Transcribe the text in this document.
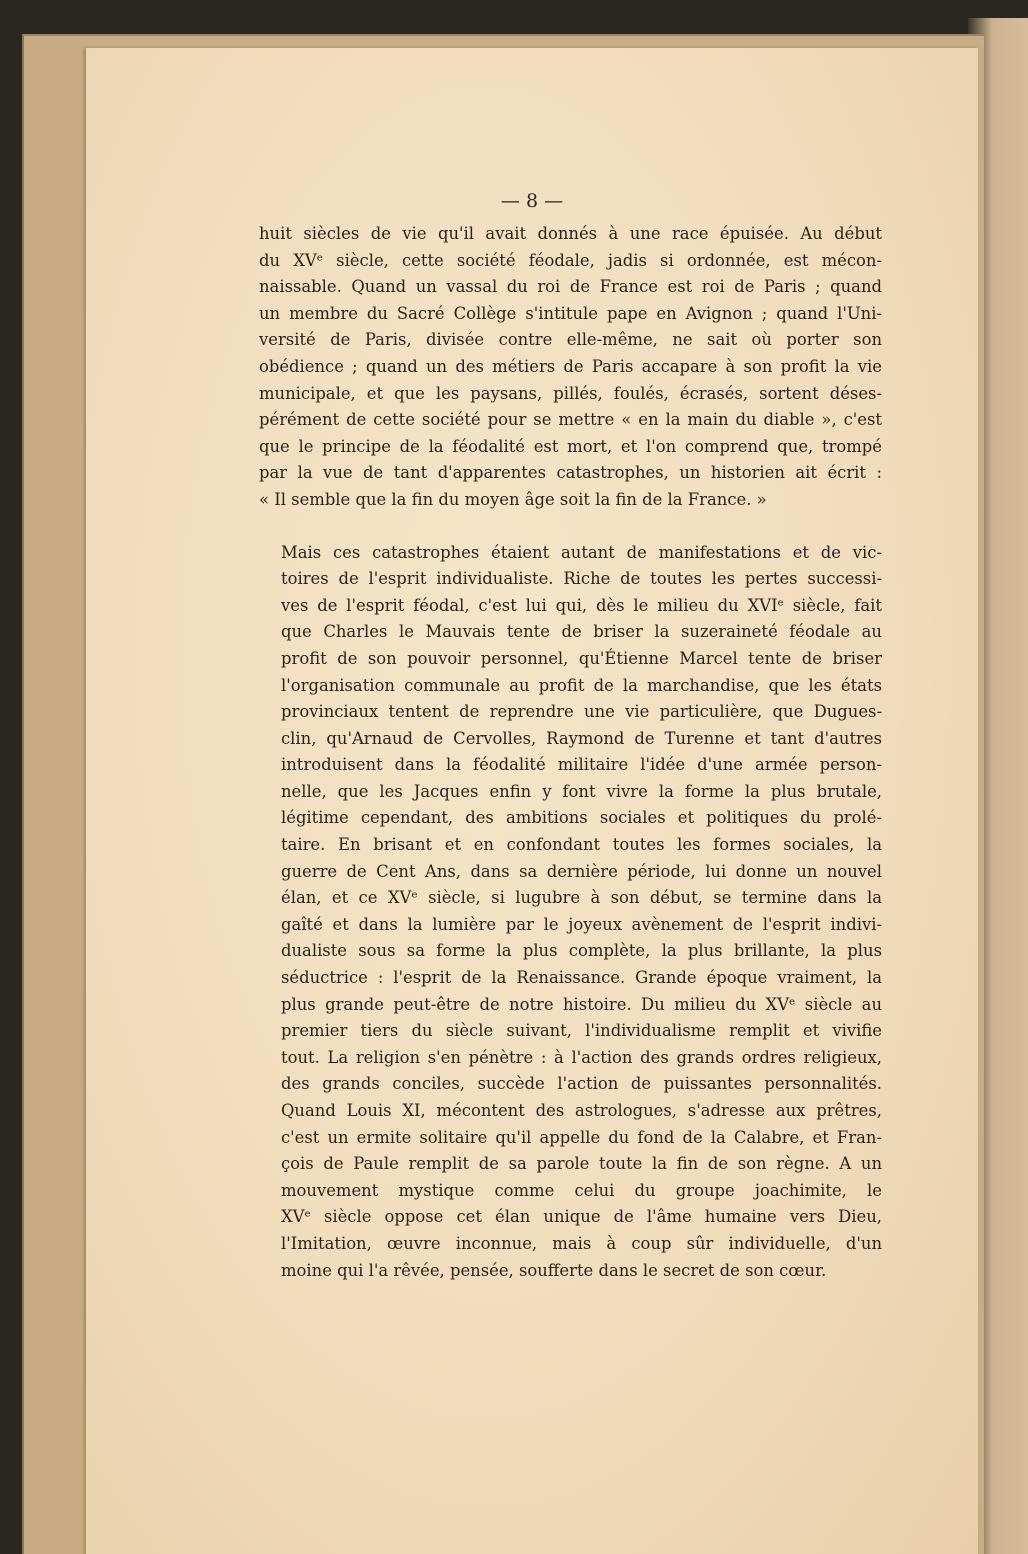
— 8 —

huit siècles de vie qu'il avait donnés à une race épuisée. Au début
du XVᵉ siècle, cette société féodale, jadis si ordonnée, est mécon-
naissable. Quand un vassal du roi de France est roi de Paris ; quand
un membre du Sacré Collège s'intitule pape en Avignon ; quand l'Uni-
versité de Paris, divisée contre elle-même, ne sait où porter son
obédience ; quand un des métiers de Paris accapare à son profit la vie
municipale, et que les paysans, pillés, foulés, écrasés, sortent déses-
pérément de cette société pour se mettre « en la main du diable », c'est
que le principe de la féodalité est mort, et l'on comprend que, trompé
par la vue de tant d'apparentes catastrophes, un historien ait écrit :
« Il semble que la fin du moyen âge soit la fin de la France. »

Mais ces catastrophes étaient autant de manifestations et de vic-
toires de l'esprit individualiste. Riche de toutes les pertes successi-
ves de l'esprit féodal, c'est lui qui, dès le milieu du XVIᵉ siècle, fait
que Charles le Mauvais tente de briser la suzeraineté féodale au
profit de son pouvoir personnel, qu'Étienne Marcel tente de briser
l'organisation communale au profit de la marchandise, que les états
provinciaux tentent de reprendre une vie particulière, que Dugues-
clin, qu'Arnaud de Cervolles, Raymond de Turenne et tant d'autres
introduisent dans la féodalité militaire l'idée d'une armée person-
nelle, que les Jacques enfin y font vivre la forme la plus brutale,
légitime cependant, des ambitions sociales et politiques du prolé-
taire. En brisant et en confondant toutes les formes sociales, la
guerre de Cent Ans, dans sa dernière période, lui donne un nouvel
élan, et ce XVᵉ siècle, si lugubre à son début, se termine dans la
gaîté et dans la lumière par le joyeux avènement de l'esprit indivi-
dualiste sous sa forme la plus complète, la plus brillante, la plus
séductrice : l'esprit de la Renaissance. Grande époque vraiment, la
plus grande peut-être de notre histoire. Du milieu du XVᵉ siècle au
premier tiers du siècle suivant, l'individualisme remplit et vivifie
tout. La religion s'en pénètre : à l'action des grands ordres religieux,
des grands conciles, succède l'action de puissantes personnalités.
Quand Louis XI, mécontent des astrologues, s'adresse aux prêtres,
c'est un ermite solitaire qu'il appelle du fond de la Calabre, et Fran-
çois de Paule remplit de sa parole toute la fin de son règne. A un
mouvement mystique comme celui du groupe joachimite, le
XVᵉ siècle oppose cet élan unique de l'âme humaine vers Dieu,
l'Imitation, œuvre inconnue, mais à coup sûr individuelle, d'un
moine qui l'a rêvée, pensée, soufferte dans le secret de son cœur.
